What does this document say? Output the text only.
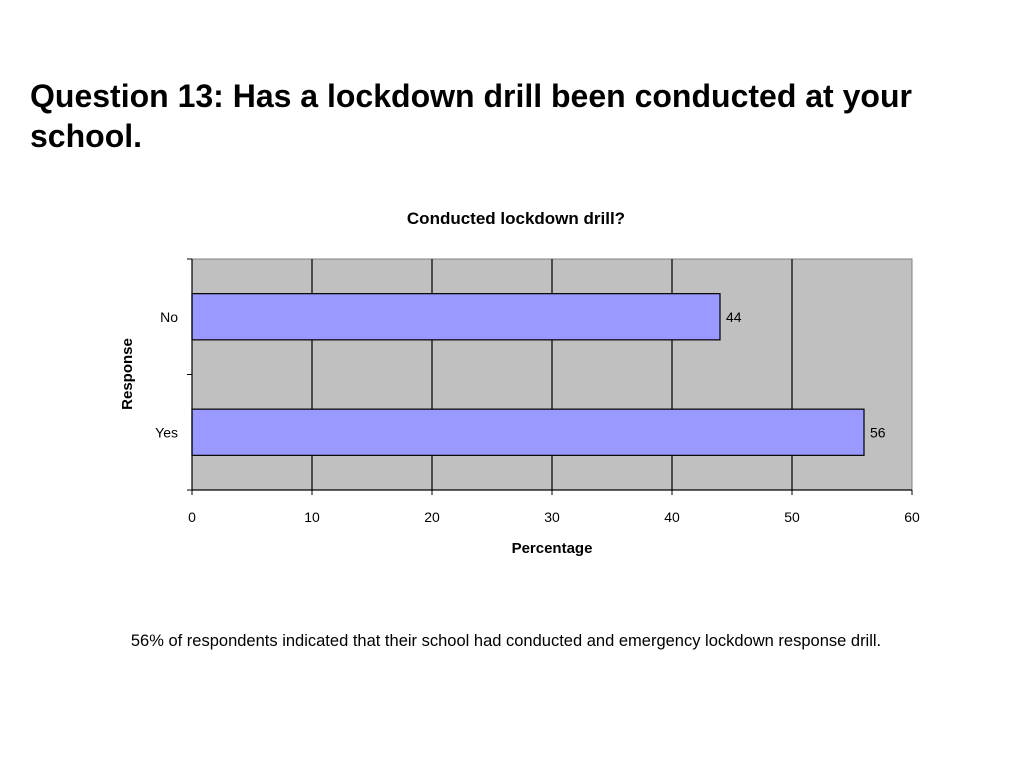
Question 13: Has a lockdown drill been conducted at your school.
Conducted lockdown drill?
44
56
0	10	20	30	40	50	60
No
Yes
Percentage
Response
56% of respondents indicated that their school had conducted and emergency lockdown response drill.
